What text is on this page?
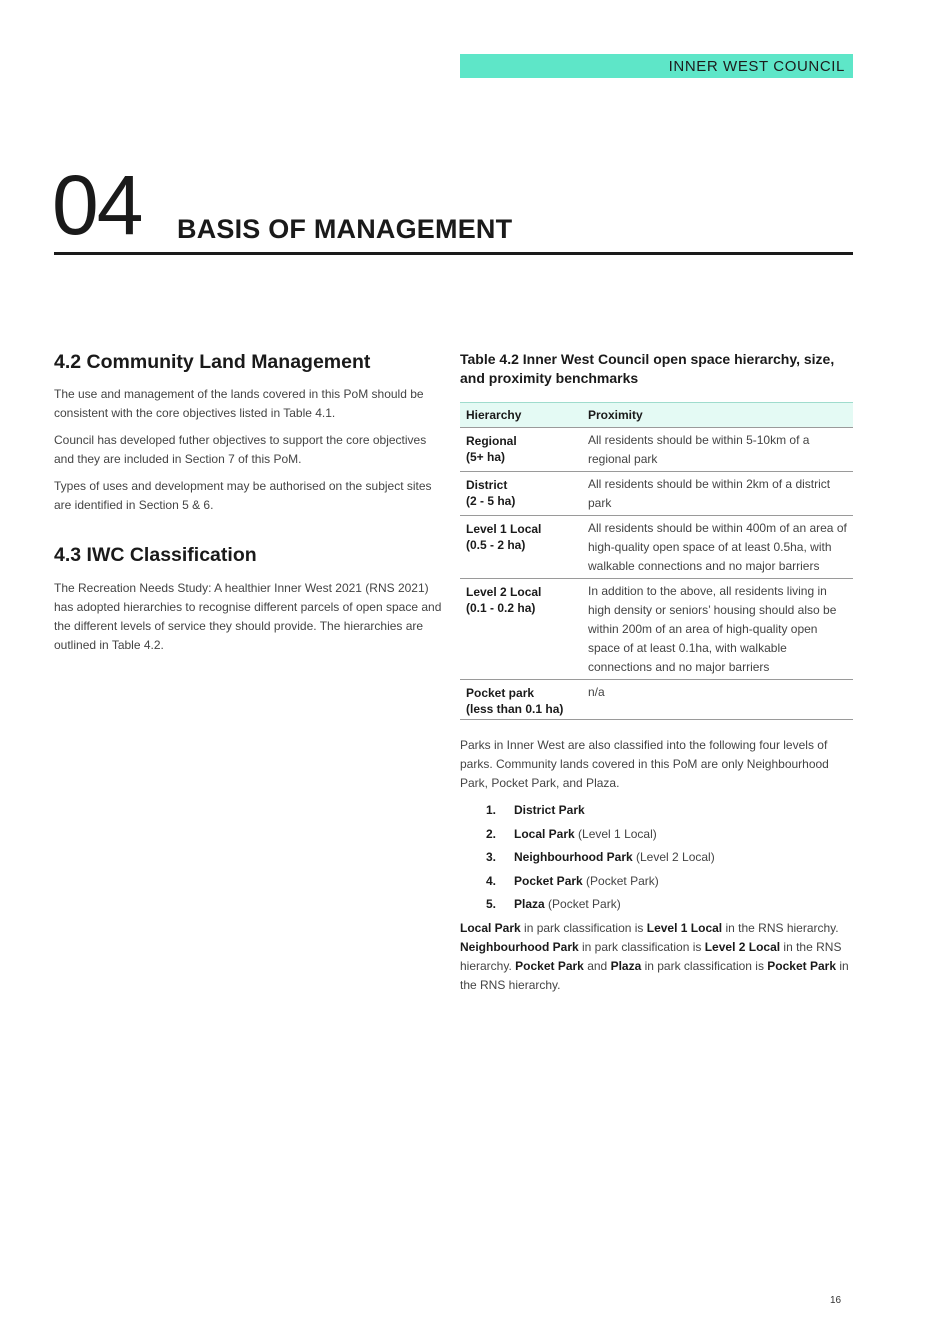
INNER WEST COUNCIL
04 BASIS OF MANAGEMENT
4.2 Community Land Management

The use and management of the lands covered in this PoM should be consistent with the core objectives listed in Table 4.1.

Council has developed futher objectives to support the core objectives and they are included in Section 7 of this PoM.

Types of uses and development may be authorised on the subject sites are identified in Section 5 & 6.

4.3 IWC Classification

The Recreation Needs Study: A healthier Inner West 2021 (RNS 2021) has adopted hierarchies to recognise different parcels of open space and the different levels of service they should provide. The hierarchies are outlined in Table 4.2.

Table 4.2 Inner West Council open space hierarchy, size, and proximity benchmarks
Hierarchy	Proximity

Regional
(5+ ha)	All residents should be within 5-10km of a regional park

District
(2 - 5 ha)	All residents should be within 2km of a district park

Level 1 Local
(0.5 - 2 ha)	All residents should be within 400m of an area of high-quality open space of at least 0.5ha, with walkable connections and no major barriers

Level 2 Local
(0.1 - 0.2 ha)	In addition to the above, all residents living in high density or seniors’ housing should also be within 200m of an area of high-quality open space of at least 0.1ha, with walkable connections and no major barriers

Pocket park
(less than 0.1 ha)	n/a

Parks in Inner West are also classified into the following four levels of parks. Community lands covered in this PoM are only Neighbourhood Park, Pocket Park, and Plaza.

1. District Park
2. Local Park (Level 1 Local)
3. Neighbourhood Park (Level 2 Local)
4. Pocket Park (Pocket Park)
5. Plaza (Pocket Park)

Local Park in park classification is Level 1 Local in the RNS hierarchy. Neighbourhood Park in park classification is Level 2 Local in the RNS hierarchy. Pocket Park and Plaza in park classification is Pocket Park in the RNS hierarchy.

16
